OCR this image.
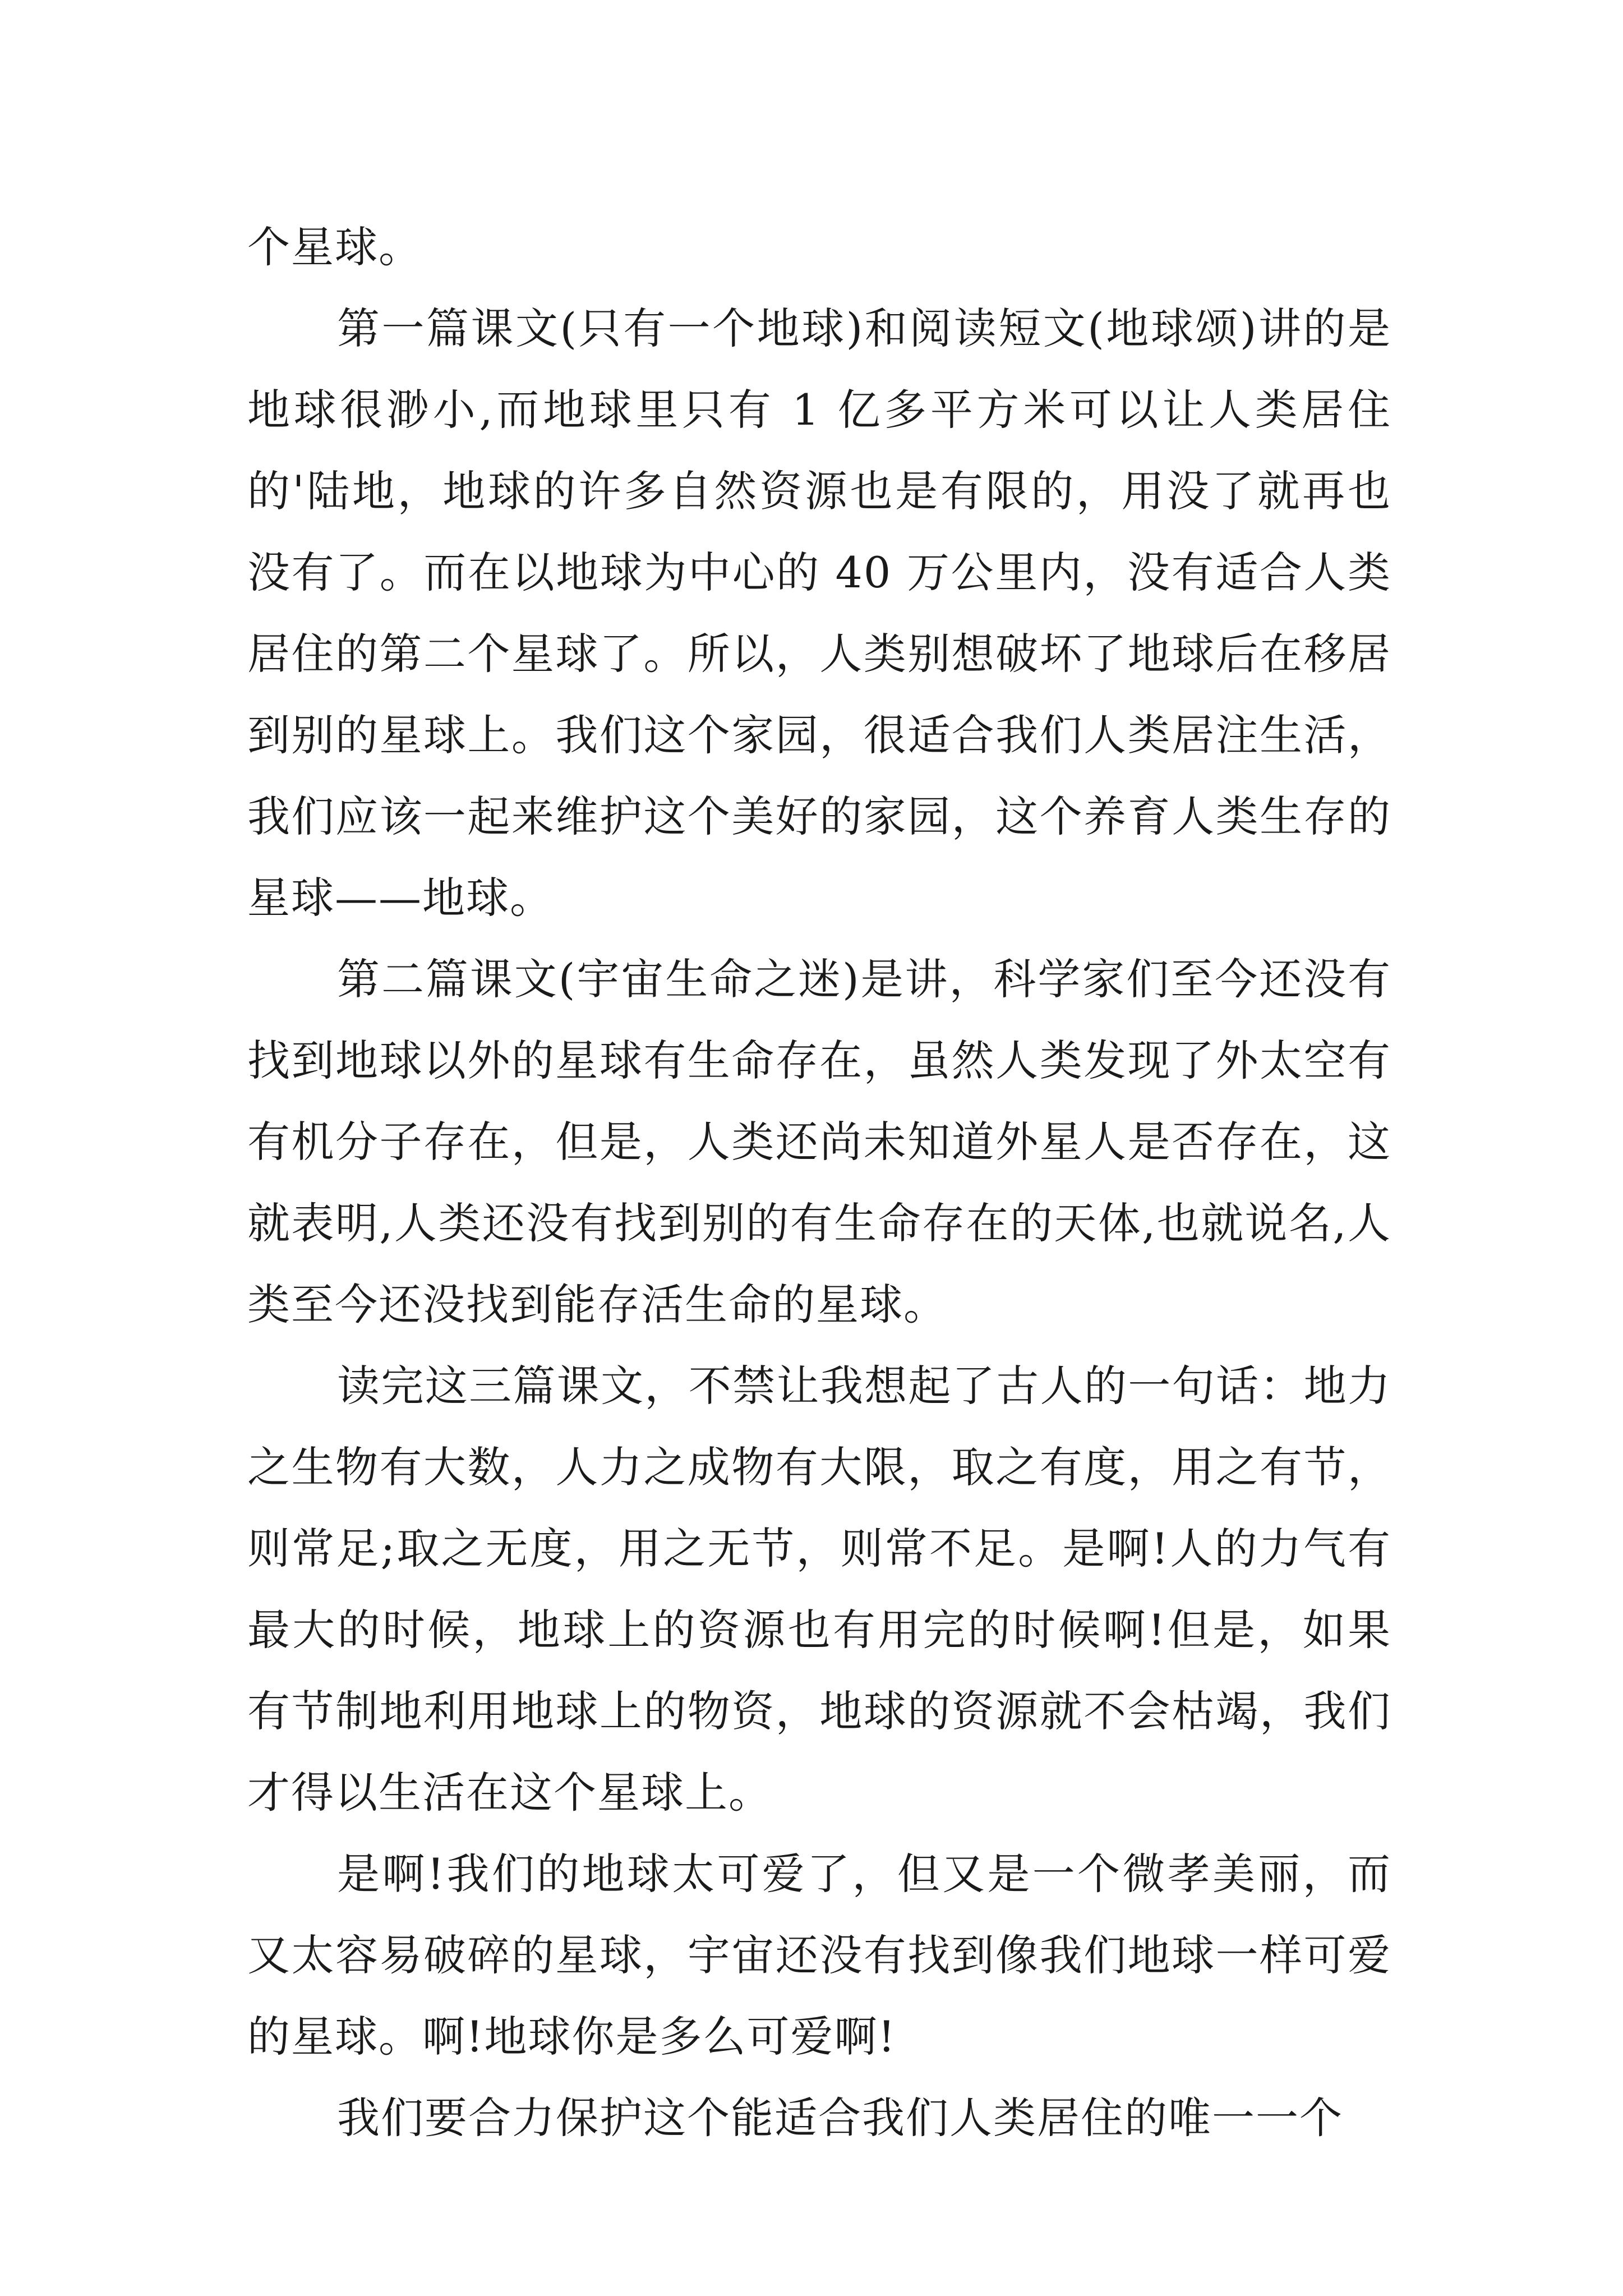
个星球。

第一篇课文(只有一个地球)和阅读短文(地球颂)讲的是地球很渺小,而地球里只有 1 亿多平方米可以让人类居住的'陆地，地球的许多自然资源也是有限的，用没了就再也没有了。而在以地球为中心的 40 万公里内，没有适合人类居住的第二个星球了。所以，人类别想破坏了地球后在移居到别的星球上。我们这个家园，很适合我们人类居注生活，我们应该一起来维护这个美好的家园，这个养育人类生存的星球——地球。

第二篇课文(宇宙生命之迷)是讲，科学家们至今还没有找到地球以外的星球有生命存在，虽然人类发现了外太空有有机分子存在，但是，人类还尚未知道外星人是否存在，这就表明,人类还没有找到别的有生命存在的天体,也就说名,人类至今还没找到能存活生命的星球。

读完这三篇课文，不禁让我想起了古人的一句话：地力之生物有大数，人力之成物有大限，取之有度，用之有节，则常足;取之无度，用之无节，则常不足。是啊!人的力气有最大的时候，地球上的资源也有用完的时候啊!但是，如果有节制地利用地球上的物资，地球的资源就不会枯竭，我们才得以生活在这个星球上。

是啊!我们的地球太可爱了，但又是一个微孝美丽，而又太容易破碎的星球，宇宙还没有找到像我们地球一样可爱的星球。啊!地球你是多么可爱啊!

我们要合力保护这个能适合我们人类居住的唯一一个
